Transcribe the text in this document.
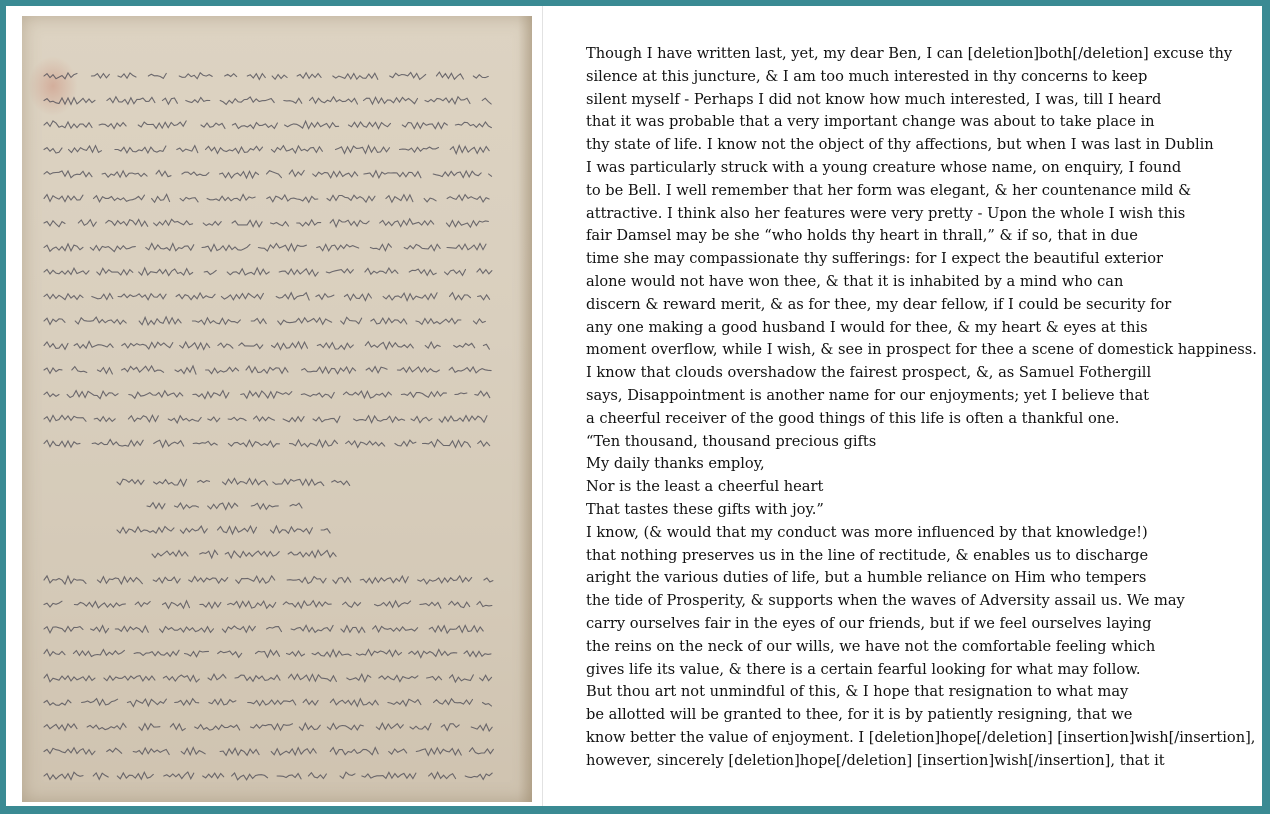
Though I have written last, yet, my dear Ben, I can [deletion]both[/deletion] excuse thy
silence at this juncture, & I am too much interested in thy concerns to keep
silent myself - Perhaps I did not know how much interested, I was, till I heard
that it was probable that a very important change was about to take place in
thy state of life. I know not the object of thy affections, but when I was last in Dublin
I was particularly struck with a young creature whose name, on enquiry, I found
to be Bell. I well remember that her form was elegant, & her countenance mild &
attractive. I think also her features were very pretty - Upon the whole I wish this
fair Damsel may be she “who holds thy heart in thrall,” & if so, that in due
time she may compassionate thy sufferings: for I expect the beautiful exterior
alone would not have won thee, & that it is inhabited by a mind who can
discern & reward merit, & as for thee, my dear fellow, if I could be security for
any one making a good husband I would for thee, & my heart & eyes at this
moment overflow, while I wish, & see in prospect for thee a scene of domestick happiness.
I know that clouds overshadow the fairest prospect, &, as Samuel Fothergill
says, Disappointment is another name for our enjoyments; yet I believe that
a cheerful receiver of the good things of this life is often a thankful one.
“Ten thousand, thousand precious gifts
My daily thanks employ,
Nor is the least a cheerful heart
That tastes these gifts with joy.”
I know, (& would that my conduct was more influenced by that knowledge!)
that nothing preserves us in the line of rectitude, & enables us to discharge
aright the various duties of life, but a humble reliance on Him who tempers
the tide of Prosperity, & supports when the waves of Adversity assail us. We may
carry ourselves fair in the eyes of our friends, but if we feel ourselves laying
the reins on the neck of our wills, we have not the comfortable feeling which
gives life its value, & there is a certain fearful looking for what may follow.
But thou art not unmindful of this, & I hope that resignation to what may
be allotted will be granted to thee, for it is by patiently resigning, that we
know better the value of enjoyment. I [deletion]hope[/deletion] [insertion]wish[/insertion],
however, sincerely [deletion]hope[/deletion] [insertion]wish[/insertion], that it
